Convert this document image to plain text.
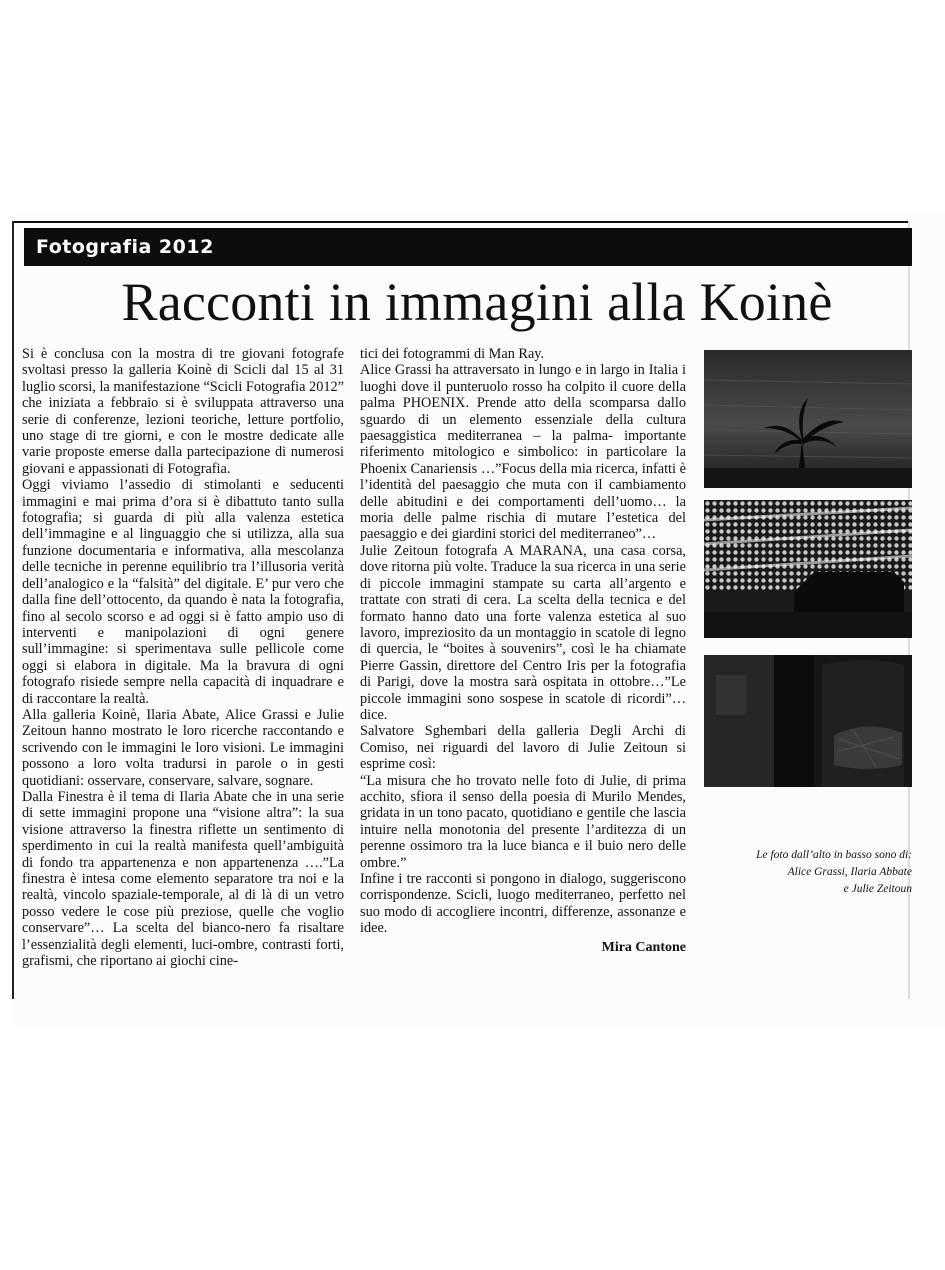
Fotografia 2012
Racconti in immagini alla Koinè

Si è conclusa con la mostra di tre giovani fotografe svoltasi presso la galleria Koinè di Scicli dal 15 al 31 luglio scorsi, la manifestazione “Scicli Fotografia 2012” che iniziata a febbraio si è sviluppata attraverso una serie di conferenze, lezioni teoriche, letture portfolio, uno stage di tre giorni, e con le mostre dedicate alle varie proposte emerse dalla partecipazione di numerosi giovani e appassionati di Fotografia.

Oggi viviamo l’assedio di stimolanti e seducenti immagini e mai prima d’ora si è dibattuto tanto sulla fotografia; si guarda di più alla valenza estetica dell’immagine e al linguaggio che si utilizza, alla sua funzione documentaria e informativa, alla mescolanza delle tecniche in perenne equilibrio tra l’illusoria verità dell’analogico e la “falsità” del digitale. E’ pur vero che dalla fine dell’ottocento, da quando è nata la fotografia, fino al secolo scorso e ad oggi si è fatto ampio uso di interventi e manipolazioni di ogni genere sull’immagine: si sperimentava sulle pellicole come oggi si elabora in digitale. Ma la bravura di ogni fotografo risiede sempre nella capacità di inquadrare e di raccontare la realtà.

Alla galleria Koinè, Ilaria Abate, Alice Grassi e Julie Zeitoun hanno mostrato le loro ricerche raccontando e scrivendo con le immagini le loro visioni. Le immagini possono a loro volta tradursi in parole o in gesti quotidiani: osservare, conservare, salvare, sognare.

Dalla Finestra è il tema di Ilaria Abate che in una serie di sette immagini propone una “visione altra”: la sua visione attraverso la finestra riflette un sentimento di sperdimento in cui la realtà manifesta quell’ambiguità di fondo tra appartenenza e non appartenenza ….”La finestra è intesa come elemento separatore tra noi e la realtà, vincolo spaziale-temporale, al di là di un vetro posso vedere le cose più preziose, quelle che voglio conservare”… La scelta del bianco-nero fa risaltare l’essenzialità degli elementi, luci-ombre, contrasti forti, grafismi, che riportano ai giochi cine-

tici dei fotogrammi di Man Ray.

Alice Grassi ha attraversato in lungo e in largo in Italia i luoghi dove il punteruolo rosso ha colpito il cuore della palma PHOENIX. Prende atto della scomparsa dallo sguardo di un elemento essenziale della cultura paesaggistica mediterranea – la palma- importante riferimento mitologico e simbolico: in particolare la Phoenix Canariensis …”Focus della mia ricerca, infatti è l’identità del paesaggio che muta con il cambiamento delle abitudini e dei comportamenti dell’uomo… la moria delle palme rischia di mutare l’estetica del paesaggio e dei giardini storici del mediterraneo”…

Julie Zeitoun fotografa A MARANA, una casa corsa, dove ritorna più volte. Traduce la sua ricerca in una serie di piccole immagini stampate su carta all’argento e trattate con strati di cera. La scelta della tecnica e del formato hanno dato una forte valenza estetica al suo lavoro, impreziosito da un montaggio in scatole di legno di quercia, le “boites à souvenirs”, così le ha chiamate Pierre Gassin, direttore del Centro Iris per la fotografia di Parigi, dove la mostra sarà ospitata in ottobre…”Le piccole immagini sono sospese in scatole di ricordi”… dice.

Salvatore Sghembari della galleria Degli Archi di Comiso, nei riguardi del lavoro di Julie Zeitoun si esprime così:

“La misura che ho trovato nelle foto di Julie, di prima acchito, sfiora il senso della poesia di Murilo Mendes, gridata in un tono pacato, quotidiano e gentile che lascia intuire nella monotonia del presente l’arditezza di un perenne ossimoro tra la luce bianca e il buio nero delle ombre.”

Infine i tre racconti si pongono in dialogo, suggeriscono corrispondenze. Scicli, luogo mediterraneo, perfetto nel suo modo di accogliere incontri, differenze, assonanze e idee.

Mira Cantone

Le foto dall’alto in basso sono di:
Alice Grassi, Ilaria Abbate
e Julie Zeitoun
